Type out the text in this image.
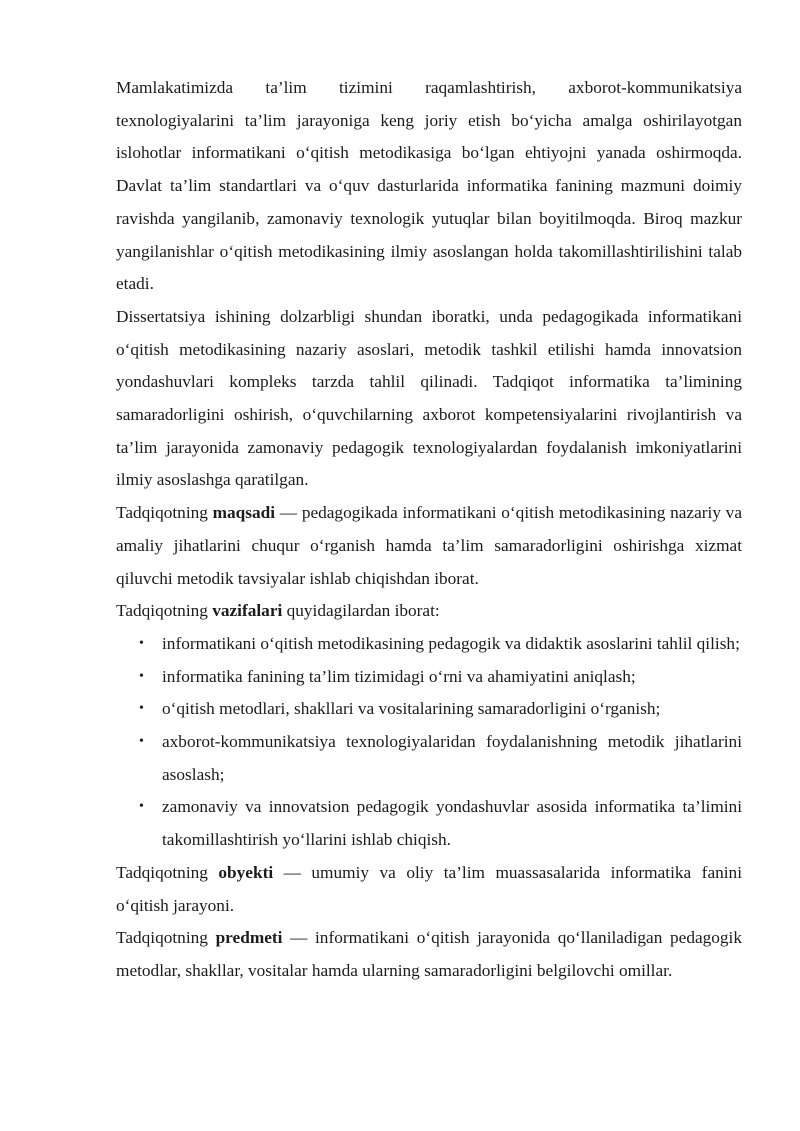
Mamlakatimizda ta’lim tizimini raqamlashtirish, axborot-kommunikatsiya texnologiyalarini ta’lim jarayoniga keng joriy etish bo‘yicha amalga oshirilayotgan islohotlar informatikani o‘qitish metodikasiga bo‘lgan ehtiyojni yanada oshirmoqda. Davlat ta’lim standartlari va o‘quv dasturlarida informatika fanining mazmuni doimiy ravishda yangilanib, zamonaviy texnologik yutuqlar bilan boyitilmoqda. Biroq mazkur yangilanishlar o‘qitish metodikasining ilmiy asoslangan holda takomillashtirilishini talab etadi.

Dissertatsiya ishining dolzarbligi shundan iboratki, unda pedagogikada informatikani o‘qitish metodikasining nazariy asoslari, metodik tashkil etilishi hamda innovatsion yondashuvlari kompleks tarzda tahlil qilinadi. Tadqiqot informatika ta’limining samaradorligini oshirish, o‘quvchilarning axborot kompetensiyalarini rivojlantirish va ta’lim jarayonida zamonaviy pedagogik texnologiyalardan foydalanish imkoniyatlarini ilmiy asoslashga qaratilgan.

Tadqiqotning maqsadi — pedagogikada informatikani o‘qitish metodikasining nazariy va amaliy jihatlarini chuqur o‘rganish hamda ta’lim samaradorligini oshirishga xizmat qiluvchi metodik tavsiyalar ishlab chiqishdan iborat.

Tadqiqotning vazifalari quyidagilardan iborat:

• informatikani o‘qitish metodikasining pedagogik va didaktik asoslarini tahlil qilish;
• informatika fanining ta’lim tizimidagi o‘rni va ahamiyatini aniqlash;
• o‘qitish metodlari, shakllari va vositalarining samaradorligini o‘rganish;
• axborot-kommunikatsiya texnologiyalaridan foydalanishning metodik jihatlarini asoslash;
• zamonaviy va innovatsion pedagogik yondashuvlar asosida informatika ta’limini takomillashtirish yo‘llarini ishlab chiqish.

Tadqiqotning obyekti — umumiy va oliy ta’lim muassasalarida informatika fanini o‘qitish jarayoni.

Tadqiqotning predmeti — informatikani o‘qitish jarayonida qo‘llaniladigan pedagogik metodlar, shakllar, vositalar hamda ularning samaradorligini belgilovchi omillar.
